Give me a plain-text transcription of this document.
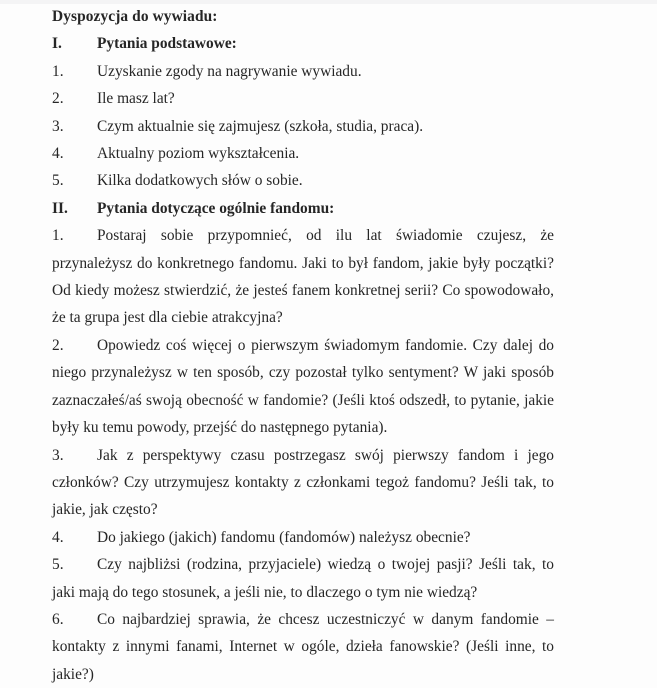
Dyspozycja do wywiadu:

I. Pytania podstawowe:

1.	Uzyskanie zgody na nagrywanie wywiadu.

2.	Ile masz lat?

3.	Czym aktualnie się zajmujesz (szkoła, studia, praca).

4.	Aktualny poziom wykształcenia.

5.	Kilka dodatkowych słów o sobie.

II. Pytania dotyczące ogólnie fandomu:

1.	Postaraj sobie przypomnieć, od ilu lat świadomie czujesz, że przynależysz do konkretnego fandomu. Jaki to był fandom, jakie były początki? Od kiedy możesz stwierdzić, że jesteś fanem konkretnej serii? Co spowodowało, że ta grupa jest dla ciebie atrakcyjna?

2.	Opowiedz coś więcej o pierwszym świadomym fandomie. Czy dalej do niego przynależysz w ten sposób, czy pozostał tylko sentyment? W jaki sposób zaznaczałeś/aś swoją obecność w fandomie? (Jeśli ktoś odszedł, to pytanie, jakie były ku temu powody, przejść do następnego pytania).

3.	Jak z perspektywy czasu postrzegasz swój pierwszy fandom i jego członków? Czy utrzymujesz kontakty z członkami tegoż fandomu? Jeśli tak, to jakie, jak często?

4.	Do jakiego (jakich) fandomu (fandomów) należysz obecnie?

5.	Czy najbliżsi (rodzina, przyjaciele) wiedzą o twojej pasji? Jeśli tak, to jaki mają do tego stosunek, a jeśli nie, to dlaczego o tym nie wiedzą?

6.	Co najbardziej sprawia, że chcesz uczestniczyć w danym fandomie – kontakty z innymi fanami, Internet w ogóle, dzieła fanowskie? (Jeśli inne, to jakie?)
